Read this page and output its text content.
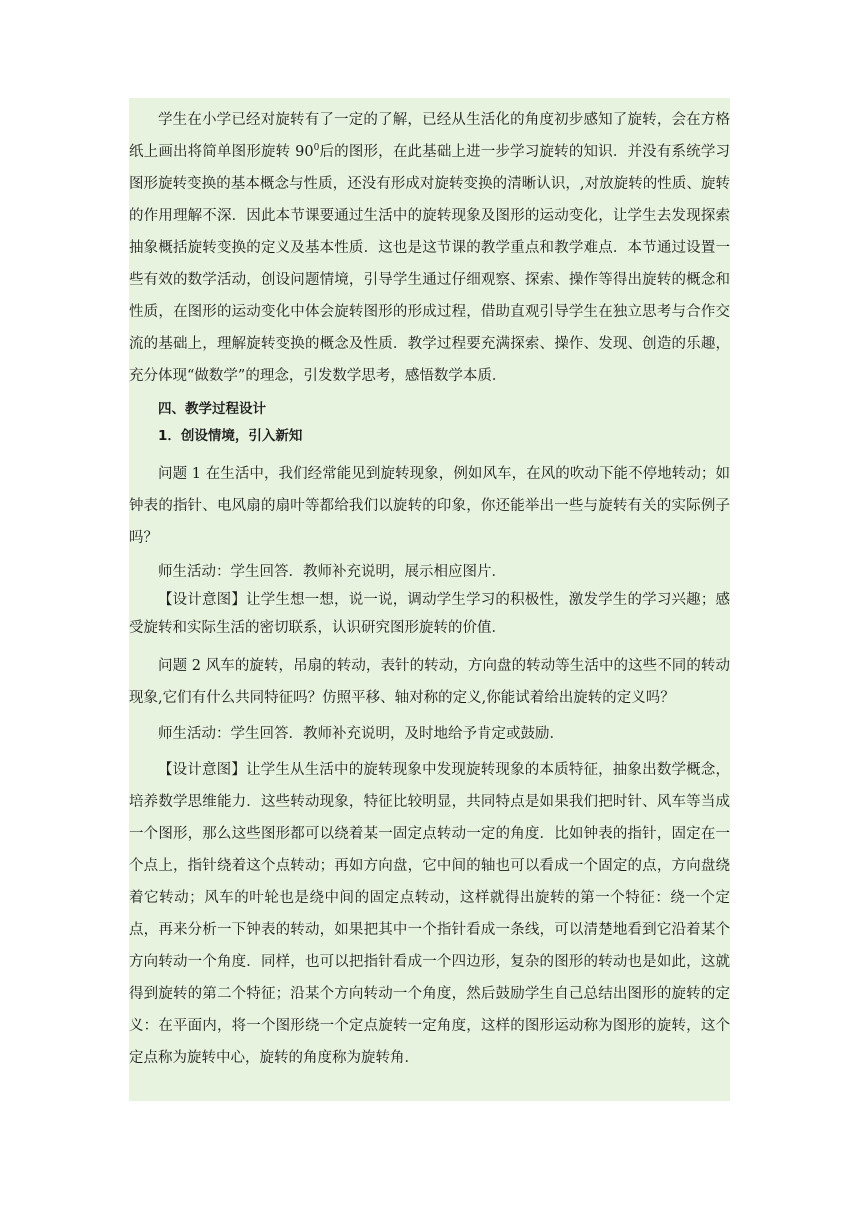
学生在小学已经对旋转有了一定的了解，已经从生活化的角度初步感知了旋转，会在方格纸上画出将简单图形旋转 $90^0$后的图形，在此基础上进一步学习旋转的知识．并没有系统学习图形旋转变换的基本概念与性质，还没有形成对旋转变换的清晰认识，,对放旋转的性质、旋转的作用理解不深．因此本节课要通过生活中的旋转现象及图形的运动变化，让学生去发现探索抽象概括旋转变换的定义及基本性质．这也是这节课的教学重点和教学难点．本节通过设置一些有效的数学活动，创设问题情境，引导学生通过仔细观察、探索、操作等得出旋转的概念和性质，在图形的运动变化中体会旋转图形的形成过程，借助直观引导学生在独立思考与合作交流的基础上，理解旋转变换的概念及性质．教学过程要充满探索、操作、发现、创造的乐趣，充分体现“做数学”的理念，引发数学思考，感悟数学本质．

四、教学过程设计

1．创设情境，引入新知

问题 1 在生活中，我们经常能见到旋转现象，例如风车，在风的吹动下能不停地转动；如钟表的指针、电风扇的扇叶等都给我们以旋转的印象，你还能举出一些与旋转有关的实际例子吗？

师生活动：学生回答．教师补充说明，展示相应图片．

【设计意图】让学生想一想，说一说，调动学生学习的积极性，激发学生的学习兴趣；感受旋转和实际生活的密切联系，认识研究图形旋转的价值．

问题 2 风车的旋转，吊扇的转动，表针的转动，方向盘的转动等生活中的这些不同的转动现象,它们有什么共同特征吗？仿照平移、轴对称的定义,你能试着给出旋转的定义吗？

师生活动：学生回答．教师补充说明，及时地给予肯定或鼓励．

【设计意图】让学生从生活中的旋转现象中发现旋转现象的本质特征，抽象出数学概念，培养数学思维能力．这些转动现象，特征比较明显，共同特点是如果我们把时针、风车等当成一个图形，那么这些图形都可以绕着某一固定点转动一定的角度．比如钟表的指针，固定在一个点上，指针绕着这个点转动；再如方向盘，它中间的轴也可以看成一个固定的点，方向盘绕着它转动；风车的叶轮也是绕中间的固定点转动，这样就得出旋转的第一个特征：绕一个定点，再来分析一下钟表的转动，如果把其中一个指针看成一条线，可以清楚地看到它沿着某个方向转动一个角度．同样，也可以把指针看成一个四边形，复杂的图形的转动也是如此，这就得到旋转的第二个特征；沿某个方向转动一个角度，然后鼓励学生自己总结出图形的旋转的定义：在平面内，将一个图形绕一个定点旋转一定角度，这样的图形运动称为图形的旋转，这个定点称为旋转中心，旋转的角度称为旋转角．
